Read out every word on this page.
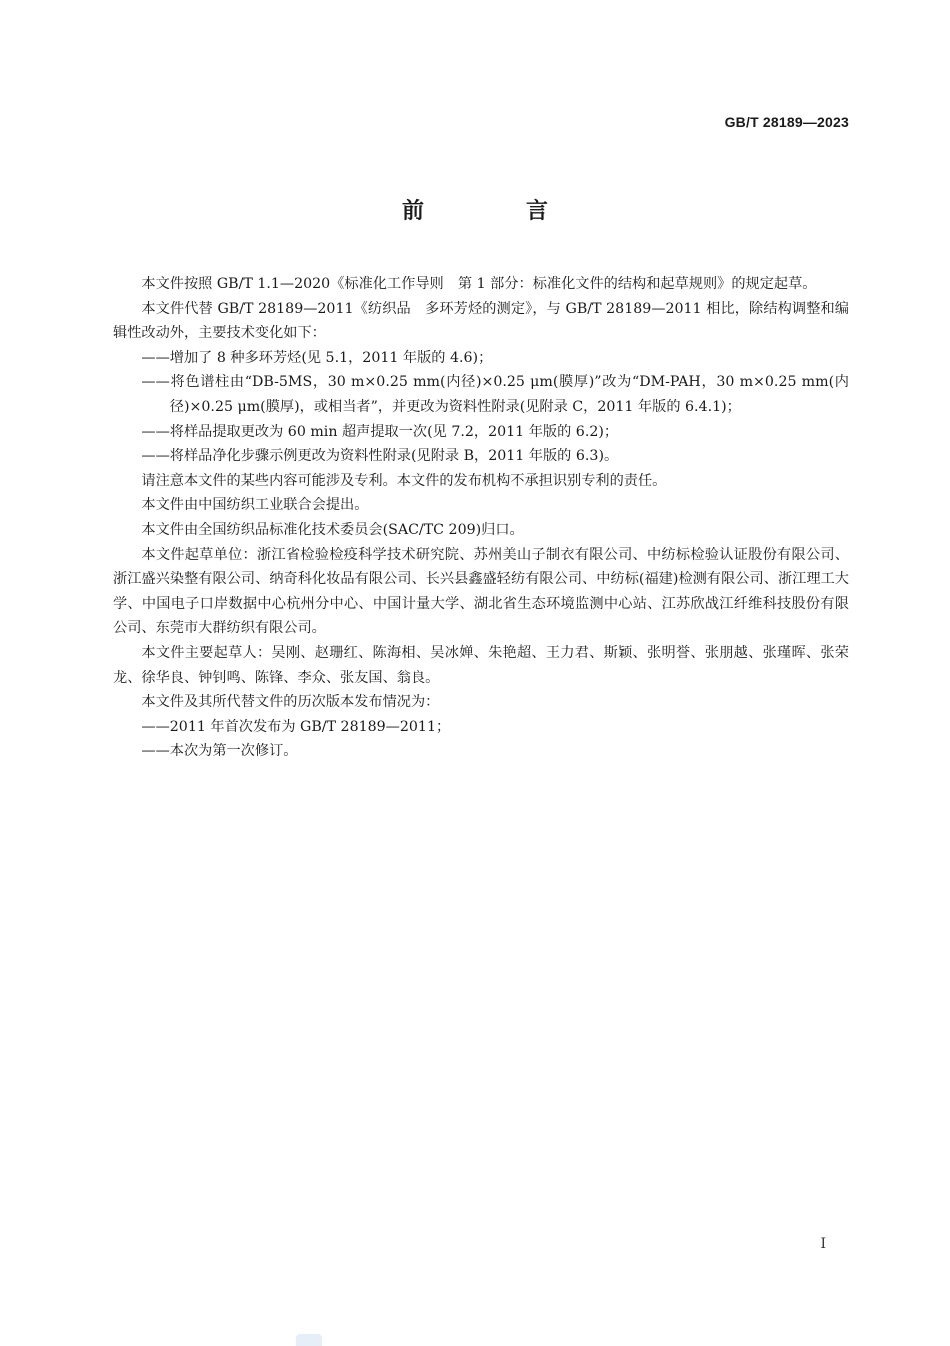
GB/T 28189—2023
前　言

本文件按照 GB/T 1.1—2020《标准化工作导则　第 1 部分：标准化文件的结构和起草规则》的规定起草。

本文件代替 GB/T 28189—2011《纺织品　多环芳烃的测定》，与 GB/T 28189—2011 相比，除结构调整和编辑性改动外，主要技术变化如下：

——增加了 8 种多环芳烃(见 5.1，2011 年版的 4.6)；

——将色谱柱由“DB-5MS，30 m×0.25 mm(内径)×0.25 μm(膜厚)”改为“DM-PAH，30 m×0.25 mm(内径)×0.25 μm(膜厚)，或相当者”，并更改为资料性附录(见附录 C，2011 年版的 6.4.1)；

——将样品提取更改为 60 min 超声提取一次(见 7.2，2011 年版的 6.2)；

——将样品净化步骤示例更改为资料性附录(见附录 B，2011 年版的 6.3)。

请注意本文件的某些内容可能涉及专利。本文件的发布机构不承担识别专利的责任。

本文件由中国纺织工业联合会提出。

本文件由全国纺织品标准化技术委员会(SAC/TC 209)归口。

本文件起草单位：浙江省检验检疫科学技术研究院、苏州美山子制衣有限公司、中纺标检验认证股份有限公司、浙江盛兴染整有限公司、纳奇科化妆品有限公司、长兴县鑫盛轻纺有限公司、中纺标(福建)检测有限公司、浙江理工大学、中国电子口岸数据中心杭州分中心、中国计量大学、湖北省生态环境监测中心站、江苏欣战江纤维科技股份有限公司、东莞市大群纺织有限公司。

本文件主要起草人：吴刚、赵珊红、陈海相、吴冰婵、朱艳超、王力君、斯颖、张明誉、张朋越、张瑾晖、张荣龙、徐华良、钟钊鸣、陈锋、李众、张友国、翁良。

本文件及其所代替文件的历次版本发布情况为：

——2011 年首次发布为 GB/T 28189—2011；

——本次为第一次修订。

I
